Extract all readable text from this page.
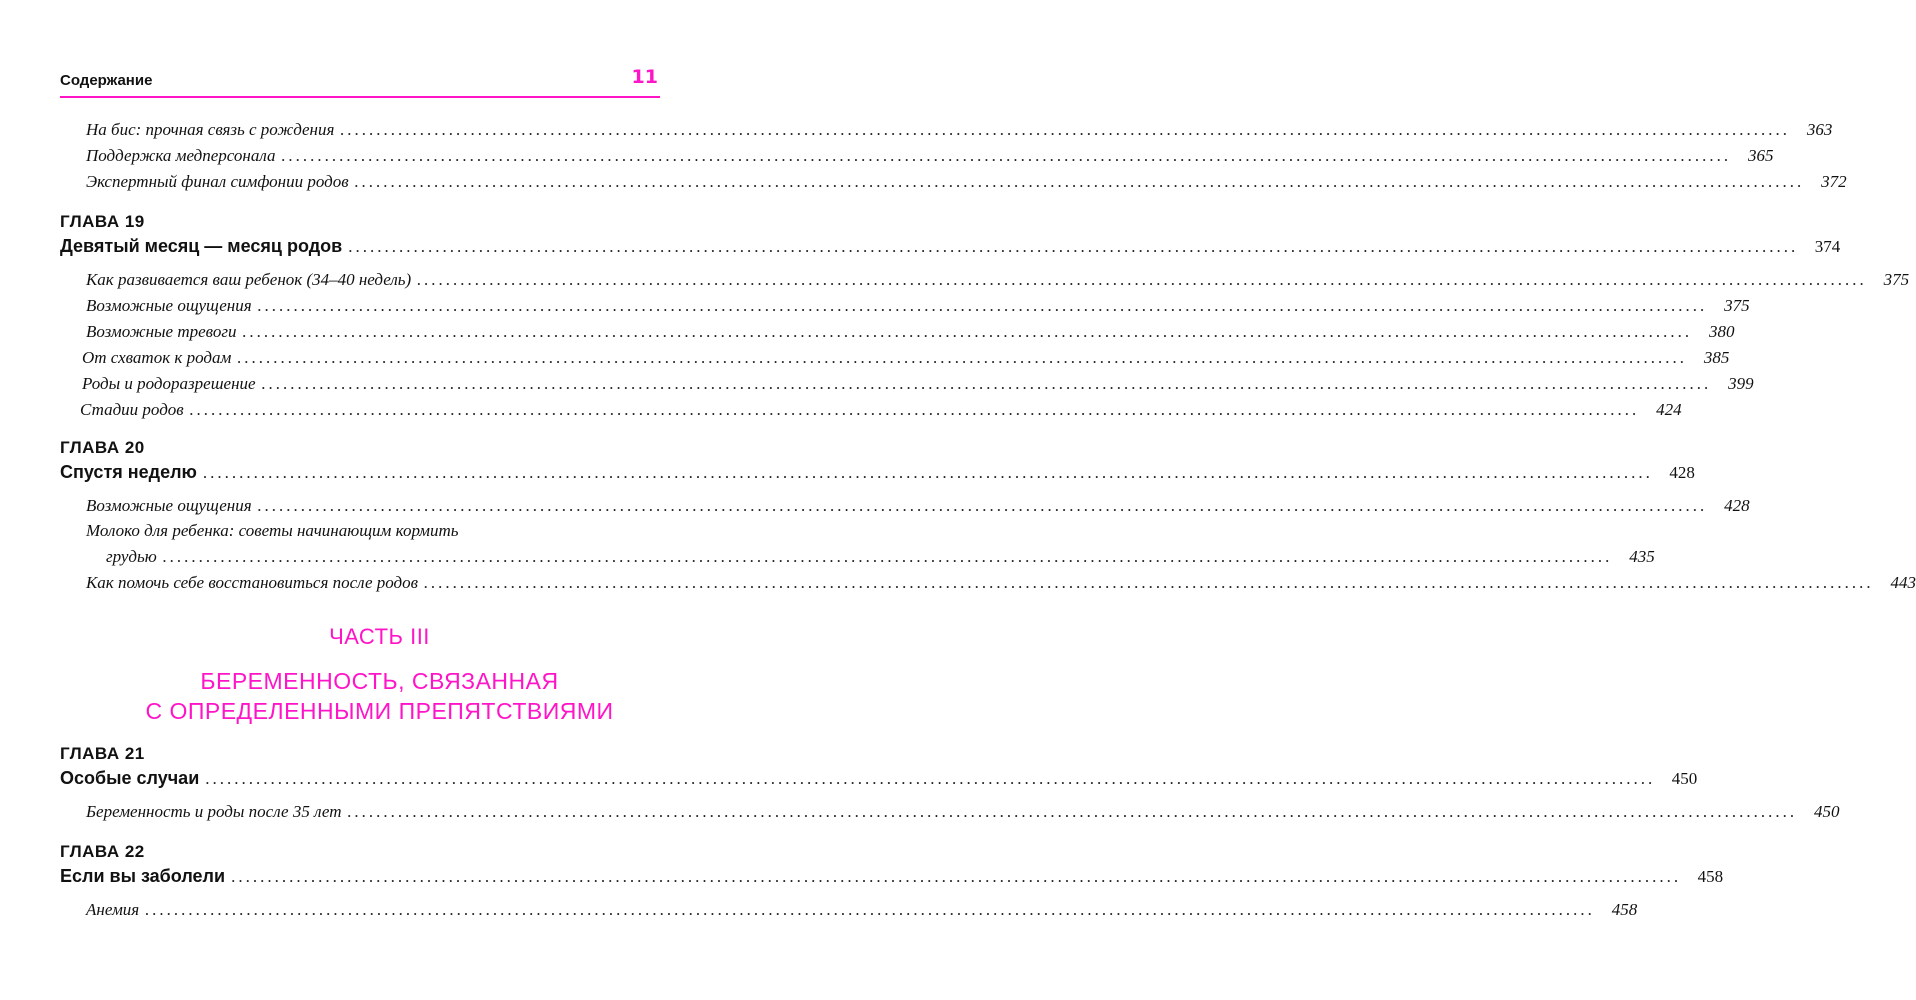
Содержание	11
На бис: прочная связь с рождения ........................................................................................................................................................................................................ 363
Поддержка медперсонала ........................................................................................................................................................................................................ 365
Экспертный финал симфонии родов ........................................................................................................................................................................................................ 372
ГЛАВА 19
Девятый месяц — месяц родов ........................................................................................................................................................................................................ 374
Как развивается ваш ребенок (34–40 недель) ........................................................................................................................................................................................................ 375
Возможные ощущения ........................................................................................................................................................................................................ 375
Возможные тревоги ........................................................................................................................................................................................................ 380
От схваток к родам ........................................................................................................................................................................................................ 385
Роды и родоразрешение ........................................................................................................................................................................................................ 399
Стадии родов ........................................................................................................................................................................................................ 424
ГЛАВА 20
Спустя неделю ........................................................................................................................................................................................................ 428
Возможные ощущения ........................................................................................................................................................................................................ 428
Молоко для ребенка: советы начинающим кормить
грудью ........................................................................................................................................................................................................ 435
Как помочь себе восстановиться после родов ........................................................................................................................................................................................................ 443
ЧАСТЬ III
БЕРЕМЕННОСТЬ, СВЯЗАННАЯ
С ОПРЕДЕЛЕННЫМИ ПРЕПЯТСТВИЯМИ
ГЛАВА 21
Особые случаи ........................................................................................................................................................................................................ 450
Беременность и роды после 35 лет ........................................................................................................................................................................................................ 450
ГЛАВА 22
Если вы заболели ........................................................................................................................................................................................................ 458
Анемия ........................................................................................................................................................................................................ 458
